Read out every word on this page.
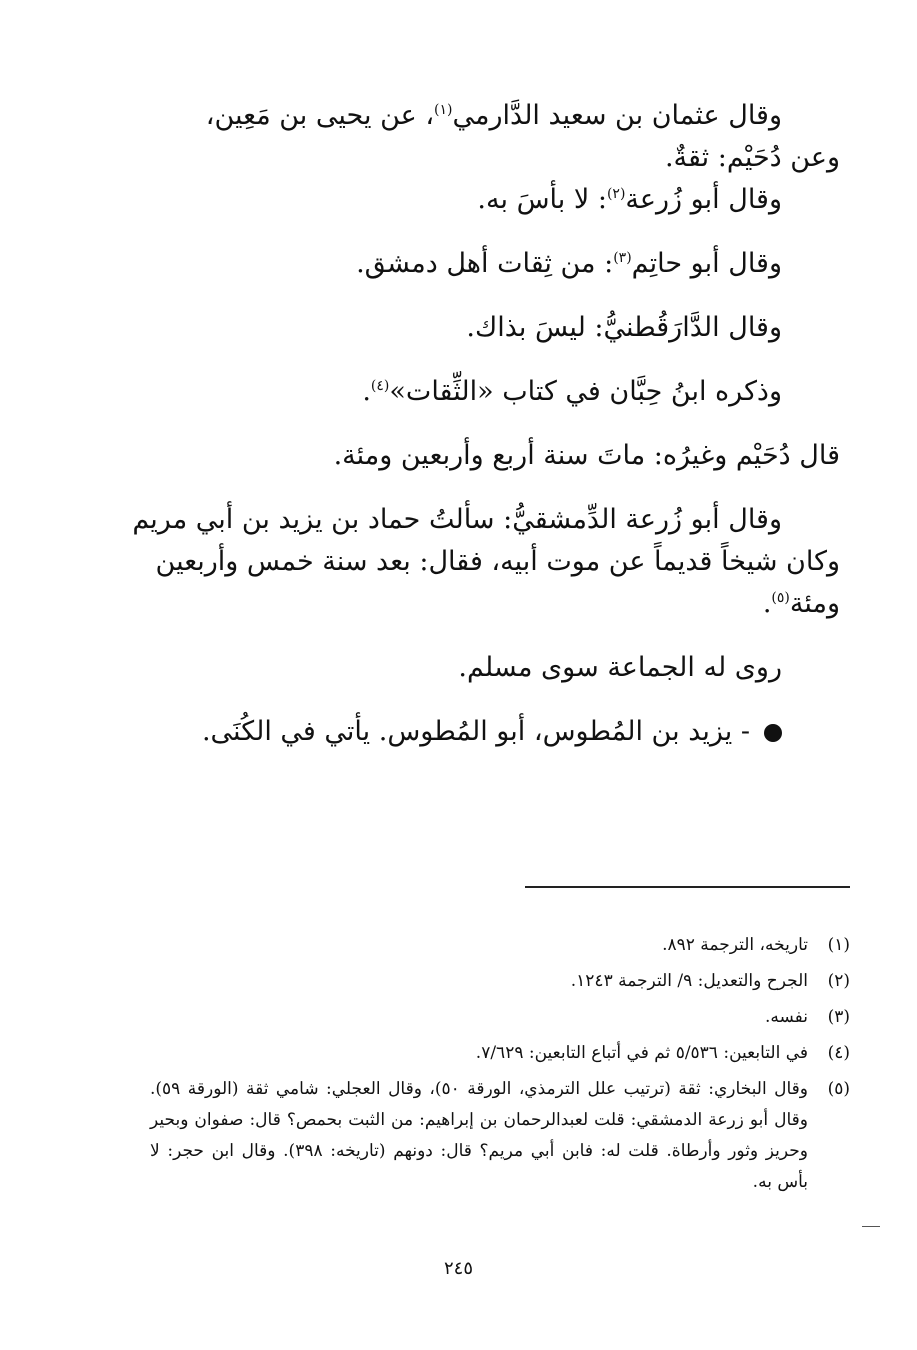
وقال عثمان بن سعيد الدَّارمي$^{(١)}$، عن يحيى بن مَعِين،
وعن دُحَيْم: ثقةٌ.
وقال أبو زُرعة$^{(٢)}$: لا بأسَ به.
وقال أبو حاتِم$^{(٣)}$: من ثِقات أهل دمشق.
وقال الدَّارَقُطنيُّ: ليسَ بذاك.
وذكره ابنُ حِبَّان في كتاب «الثِّقات»$^{(٤)}$.
قال دُحَيْم وغيرُه: ماتَ سنة أربع وأربعين ومئة.
وقال أبو زُرعة الدِّمشقيُّ: سألتُ حماد بن يزيد بن أبي مريم
وكان شيخاً قديماً عن موت أبيه، فقال: بعد سنة خمس وأربعين
ومئة$^{(٥)}$.
روى له الجماعة سوى مسلم.
- يزيد بن المُطوس، أبو المُطوس. يأتي في الكُنَى.
(١)
تاريخه، الترجمة ٨٩٢.
(٢)
الجرح والتعديل: ٩/ الترجمة ١٢٤٣.
(٣)
نفسه.
(٤)
في التابعين: ٥/٥٣٦ ثم في أتباع التابعين: ٧/٦٢٩.
(٥)
وقال البخاري: ثقة (ترتيب علل الترمذي، الورقة ٥٠)، وقال العجلي: شامي ثقة (الورقة ٥٩). وقال أبو زرعة الدمشقي: قلت لعبدالرحمان بن إبراهيم: من الثبت بحمص؟ قال: صفوان وبحير وحريز وثور وأرطاة. قلت له: فابن أبي مريم؟ قال: دونهم (تاريخه: ٣٩٨). وقال ابن حجر: لا بأس به.
٢٤٥
